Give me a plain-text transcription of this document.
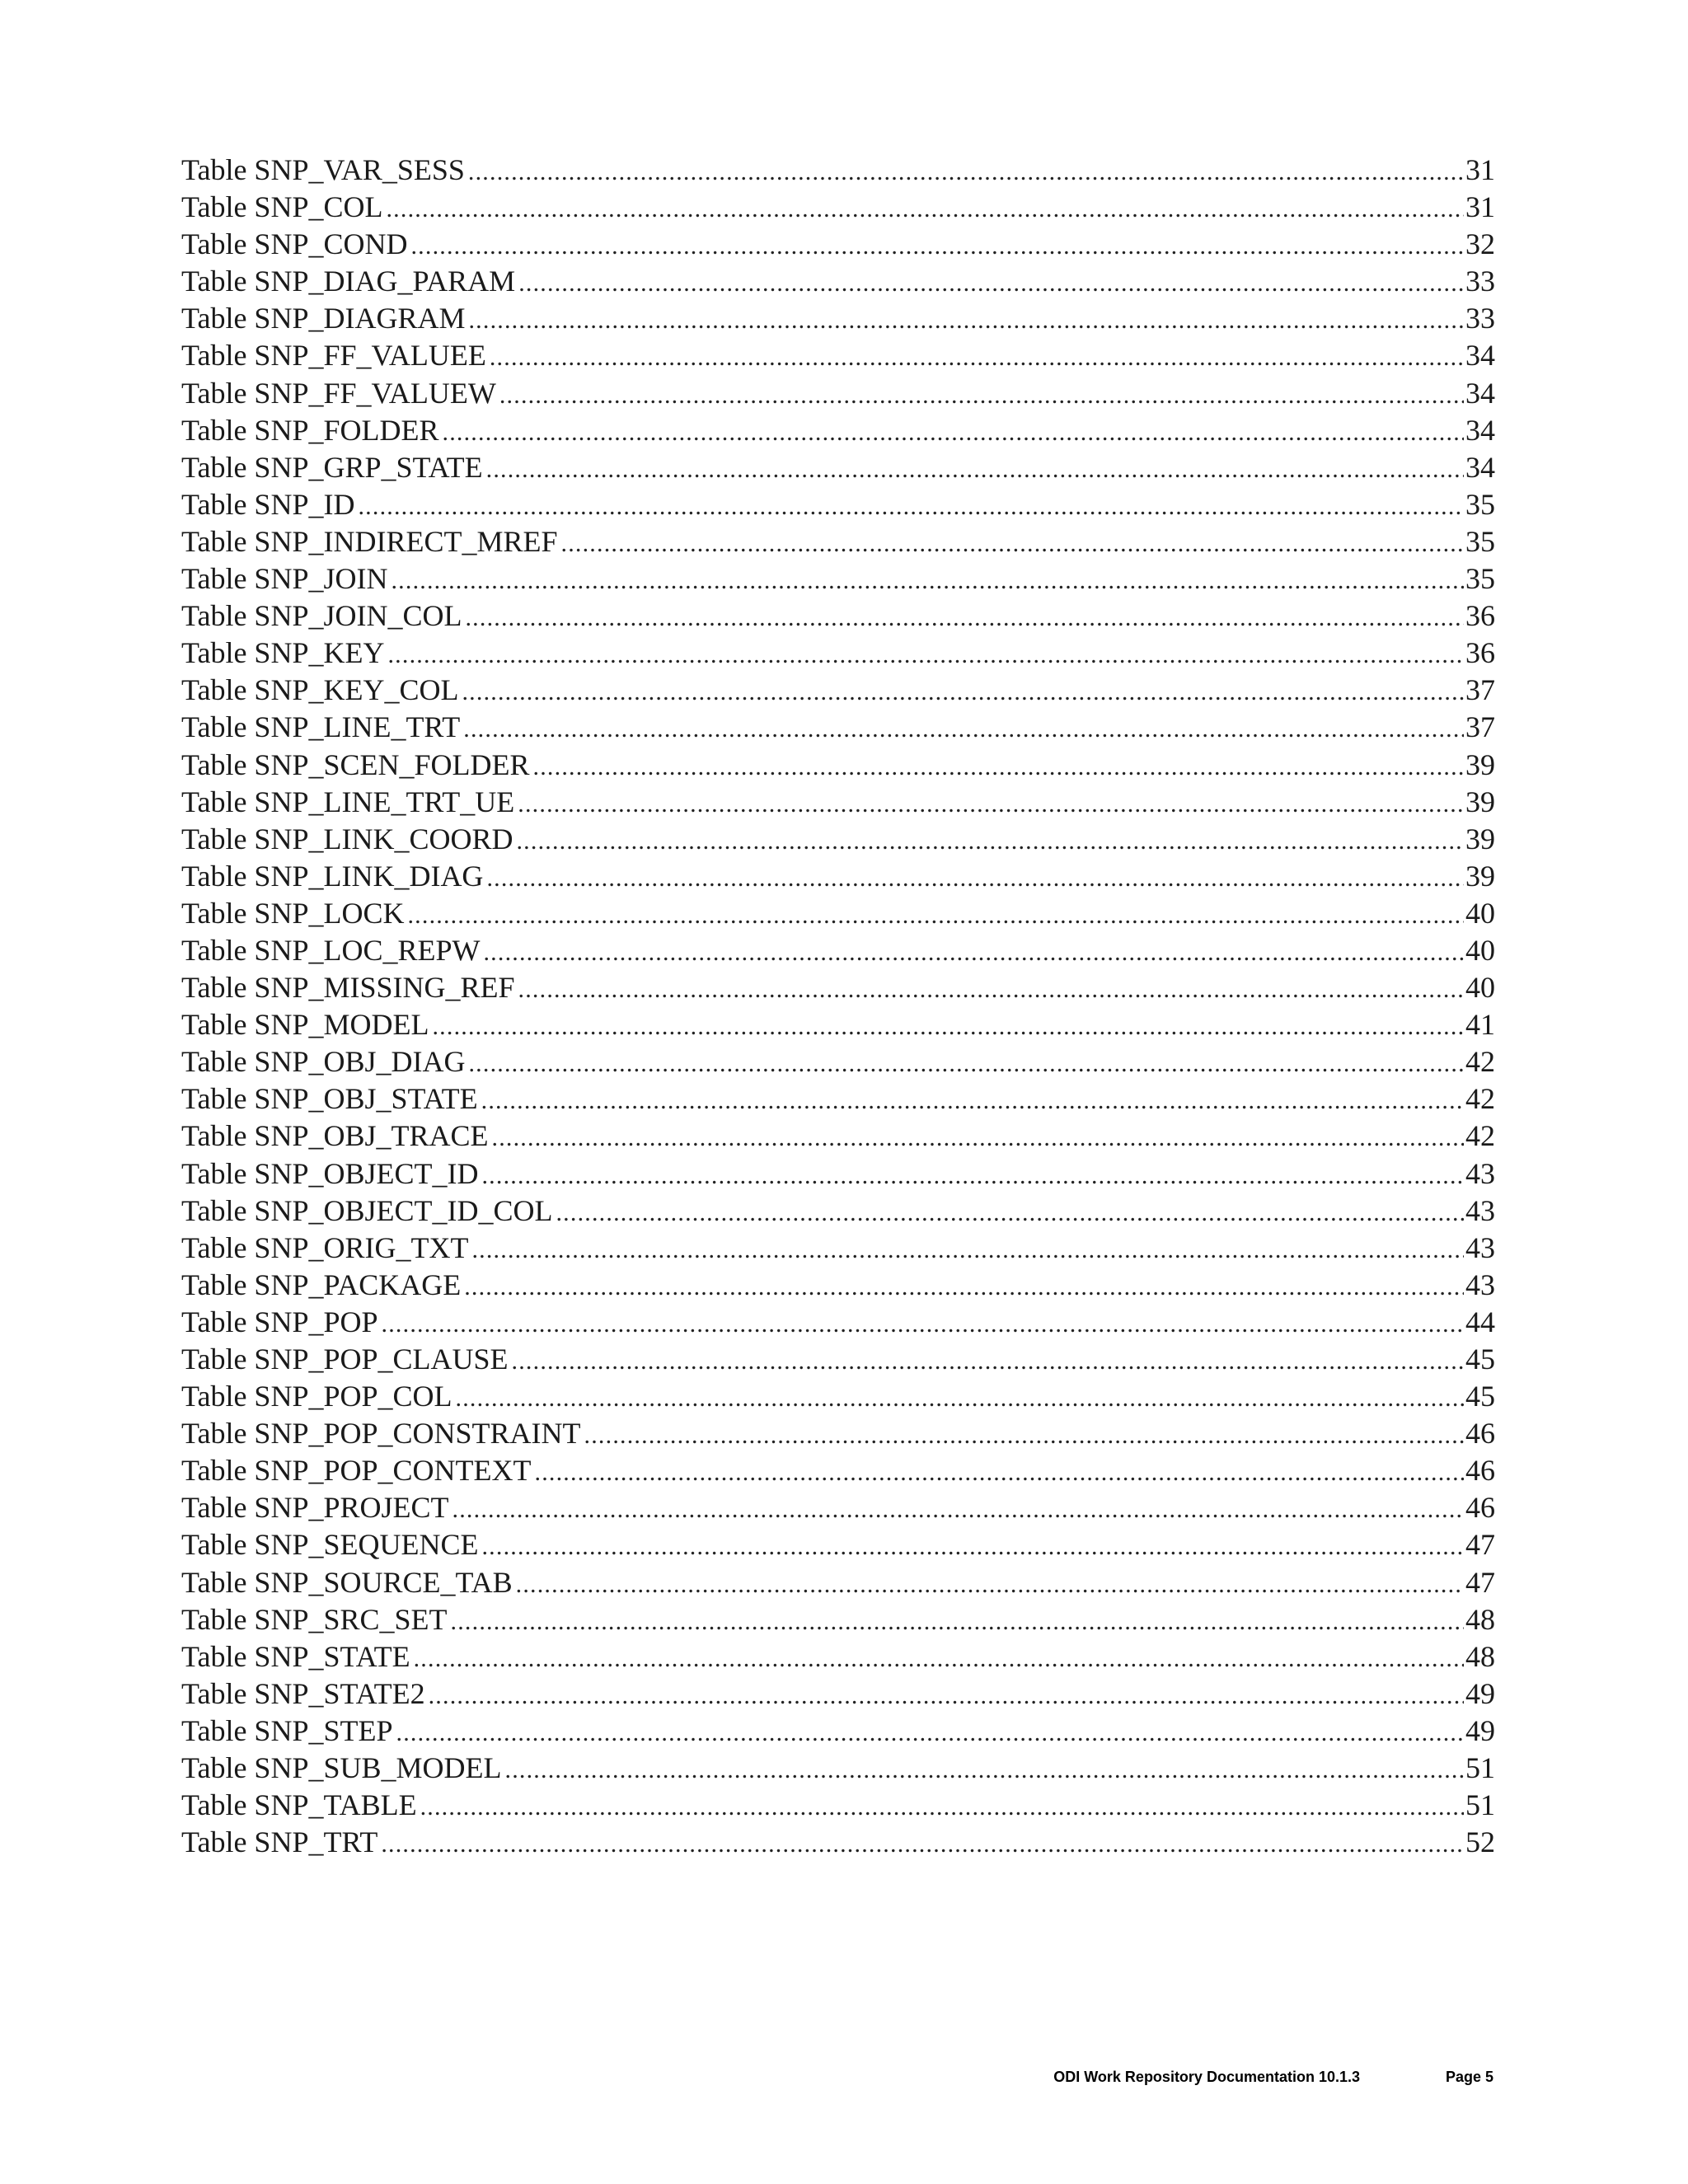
Table SNP_VAR_SESS .....	31
Table SNP_COL .....	31
Table SNP_COND .....	32
Table SNP_DIAG_PARAM .....	33
Table SNP_DIAGRAM .....	33
Table SNP_FF_VALUEE .....	34
Table SNP_FF_VALUEW .....	34
Table SNP_FOLDER .....	34
Table SNP_GRP_STATE .....	34
Table SNP_ID .....	35
Table SNP_INDIRECT_MREF .....	35
Table SNP_JOIN .....	35
Table SNP_JOIN_COL .....	36
Table SNP_KEY .....	36
Table SNP_KEY_COL .....	37
Table SNP_LINE_TRT .....	37
Table SNP_SCEN_FOLDER .....	39
Table SNP_LINE_TRT_UE .....	39
Table SNP_LINK_COORD .....	39
Table SNP_LINK_DIAG .....	39
Table SNP_LOCK .....	40
Table SNP_LOC_REPW .....	40
Table SNP_MISSING_REF .....	40
Table SNP_MODEL .....	41
Table SNP_OBJ_DIAG .....	42
Table SNP_OBJ_STATE .....	42
Table SNP_OBJ_TRACE .....	42
Table SNP_OBJECT_ID .....	43
Table SNP_OBJECT_ID_COL .....	43
Table SNP_ORIG_TXT .....	43
Table SNP_PACKAGE .....	43
Table SNP_POP .....	44
Table SNP_POP_CLAUSE .....	45
Table SNP_POP_COL .....	45
Table SNP_POP_CONSTRAINT .....	46
Table SNP_POP_CONTEXT .....	46
Table SNP_PROJECT .....	46
Table SNP_SEQUENCE .....	47
Table SNP_SOURCE_TAB .....	47
Table SNP_SRC_SET .....	48
Table SNP_STATE .....	48
Table SNP_STATE2 .....	49
Table SNP_STEP .....	49
Table SNP_SUB_MODEL .....	51
Table SNP_TABLE .....	51
Table SNP_TRT .....	52
ODI Work Repository Documentation 10.1.3	Page 5
